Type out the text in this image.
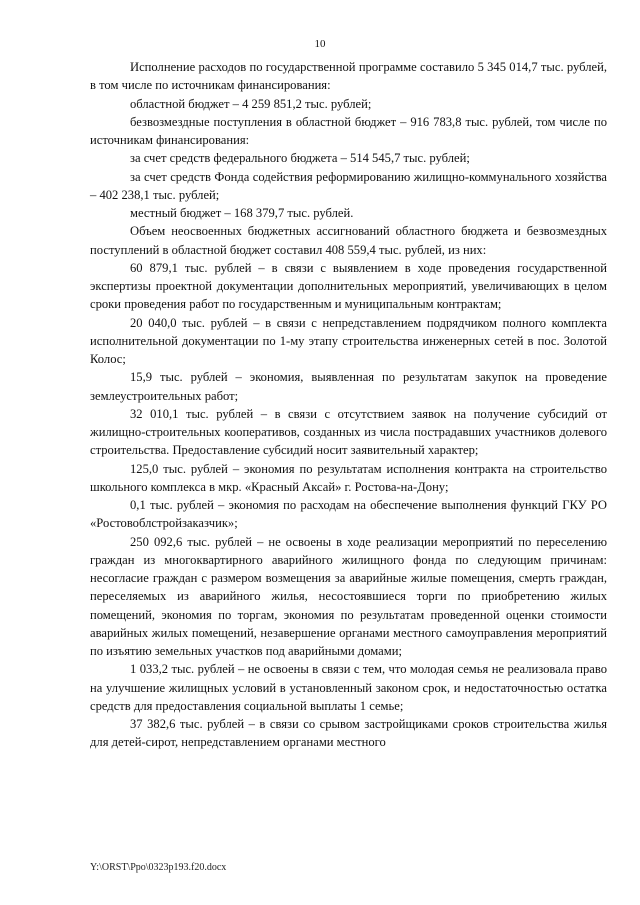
10

Исполнение расходов по государственной программе составило 5 345 014,7 тыс. рублей, в том числе по источникам финансирования:

областной бюджет – 4 259 851,2 тыс. рублей;

безвозмездные поступления в областной бюджет – 916 783,8 тыс. рублей, том числе по источникам финансирования:

за счет средств федерального бюджета – 514 545,7 тыс. рублей;

за счет средств Фонда содействия реформированию жилищно-коммунального хозяйства – 402 238,1 тыс. рублей;

местный бюджет – 168 379,7 тыс. рублей.

Объем неосвоенных бюджетных ассигнований областного бюджета и безвозмездных поступлений в областной бюджет составил 408 559,4 тыс. рублей, из них:

60 879,1 тыс. рублей – в связи с выявлением в ходе проведения государственной экспертизы проектной документации дополнительных мероприятий, увеличивающих в целом сроки проведения работ по государственным и муниципальным контрактам;

20 040,0 тыс. рублей – в связи с непредставлением подрядчиком полного комплекта исполнительной документации по 1-му этапу строительства инженерных сетей в пос. Золотой Колос;

15,9 тыс. рублей – экономия, выявленная по результатам закупок на проведение землеустроительных работ;

32 010,1 тыс. рублей – в связи с отсутствием заявок на получение субсидий от жилищно-строительных кооперативов, созданных из числа пострадавших участников долевого строительства. Предоставление субсидий носит заявительный характер;

125,0 тыс. рублей – экономия по результатам исполнения контракта на строительство школьного комплекса в мкр. «Красный Аксай» г. Ростова-на-Дону;

0,1 тыс. рублей – экономия по расходам на обеспечение выполнения функций ГКУ РО «Ростовоблстройзаказчик»;

250 092,6 тыс. рублей – не освоены в ходе реализации мероприятий по переселению граждан из многоквартирного аварийного жилищного фонда по следующим причинам: несогласие граждан с размером возмещения за аварийные жилые помещения, смерть граждан, переселяемых из аварийного жилья, несостоявшиеся торги по приобретению жилых помещений, экономия по торгам, экономия по результатам проведенной оценки стоимости аварийных жилых помещений, незавершение органами местного самоуправления мероприятий по изъятию земельных участков под аварийными домами;

1 033,2 тыс. рублей – не освоены в связи с тем, что молодая семья не реализовала право на улучшение жилищных условий в установленный законом срок, и недостаточностью остатка средств для предоставления социальной выплаты 1 семье;

37 382,6 тыс. рублей – в связи со срывом застройщиками сроков строительства жилья для детей-сирот, непредставлением органами местного

Y:\ORST\Ppo\0323p193.f20.docx
